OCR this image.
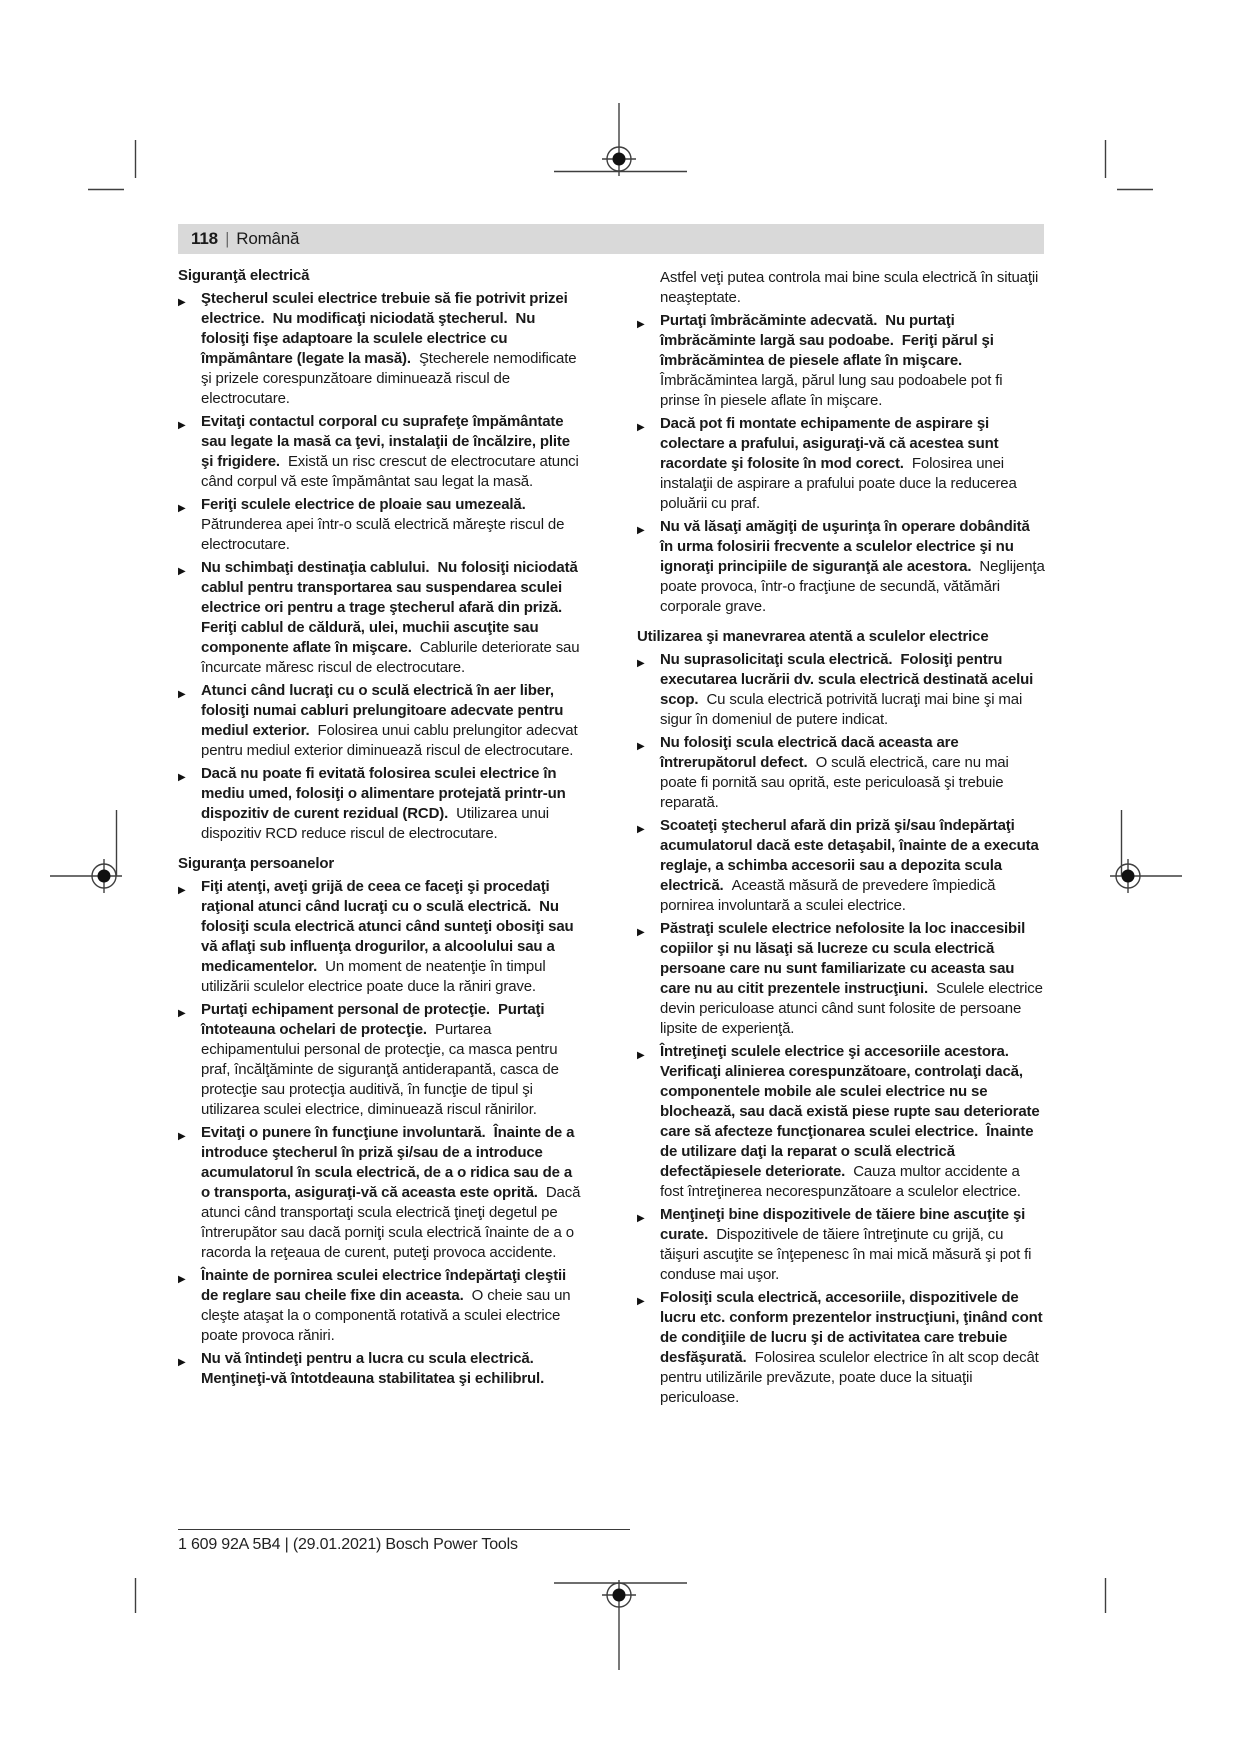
118 | Română
Siguranţă electrică
▶ Ştecherul sculei electrice trebuie să fie potrivit prizei electrice.  Nu modificaţi niciodată ştecherul.  Nu folosiţi fişe adaptoare la sculele electrice cu împământare (legate la masă).  Ştecherele nemodificate şi prizele corespunzătoare diminuează riscul de electrocutare.
▶ Evitaţi contactul corporal cu suprafeţe împământate sau legate la masă ca ţevi, instalaţii de încălzire, plite şi frigidere.  Există un risc crescut de electrocutare atunci când corpul vă este împământat sau legat la masă.
▶ Feriţi sculele electrice de ploaie sau umezeală.  Pătrunderea apei într-o sculă electrică măreşte riscul de electrocutare.
▶ Nu schimbaţi destinaţia cablului.  Nu folosiţi niciodată cablul pentru transportarea sau suspendarea sculei electrice ori pentru a trage ştecherul afară din priză.  Feriţi cablul de căldură, ulei, muchii ascuţite sau componente aflate în mişcare.  Cablurile deteriorate sau încurcate măresc riscul de electrocutare.
▶ Atunci când lucraţi cu o sculă electrică în aer liber, folosiţi numai cabluri prelungitoare adecvate pentru mediul exterior.  Folosirea unui cablu prelungitor adecvat pentru mediul exterior diminuează riscul de electrocutare.
▶ Dacă nu poate fi evitată folosirea sculei electrice în mediu umed, folosiţi o alimentare protejată printr-un dispozitiv de curent rezidual (RCD).  Utilizarea unui dispozitiv RCD reduce riscul de electrocutare.
Siguranţa persoanelor
▶ Fiţi atenţi, aveţi grijă de ceea ce faceţi şi procedaţi raţional atunci când lucraţi cu o sculă electrică.  Nu folosiţi scula electrică atunci când sunteţi obosiţi sau vă aflaţi sub influenţa drogurilor, a alcoolului sau a medicamentelor.  Un moment de neatenţie în timpul utilizării sculelor electrice poate duce la răniri grave.
▶ Purtaţi echipament personal de protecţie.  Purtaţi întoteauna ochelari de protecţie.  Purtarea echipamentului personal de protecţie, ca masca pentru praf, încălţăminte de siguranţă antiderapantă, casca de protecţie sau protecţia auditivă, în funcţie de tipul şi utilizarea sculei electrice, diminuează riscul rănirilor.
▶ Evitaţi o punere în funcţiune involuntară.  Înainte de a introduce ştecherul în priză şi/sau de a introduce acumulatorul în scula electrică, de a o ridica sau de a o transporta, asiguraţi-vă că aceasta este oprită.  Dacă atunci când transportaţi scula electrică ţineţi degetul pe întrerupător sau dacă porniţi scula electrică înainte de a o racorda la reţeaua de curent, puteţi provoca accidente.
▶ Înainte de pornirea sculei electrice îndepărtaţi cleştii de reglare sau cheile fixe din aceasta.  O cheie sau un cleşte ataşat la o componentă rotativă a sculei electrice poate provoca răniri.
▶ Nu vă întindeţi pentru a lucra cu scula electrică. Menţineţi-vă întotdeauna stabilitatea şi echilibrul.
Astfel veţi putea controla mai bine scula electrică în situaţii neaşteptate.
▶ Purtaţi îmbrăcăminte adecvată.  Nu purtaţi îmbrăcăminte largă sau podoabe.  Feriţi părul şi îmbrăcămintea de piesele aflate în mişcare.  Îmbrăcămintea largă, părul lung sau podoabele pot fi prinse în piesele aflate în mişcare.
▶ Dacă pot fi montate echipamente de aspirare şi colectare a prafului, asiguraţi-vă că acestea sunt racordate şi folosite în mod corect.  Folosirea unei instalaţii de aspirare a prafului poate duce la reducerea poluării cu praf.
▶ Nu vă lăsaţi amăgiţi de uşurinţa în operare dobândită în urma folosirii frecvente a sculelor electrice şi nu ignoraţi principiile de siguranţă ale acestora.  Neglijenţa poate provoca, într-o fracţiune de secundă, vătămări corporale grave.
Utilizarea şi manevrarea atentă a sculelor electrice
▶ Nu suprasolicitaţi scula electrică.  Folosiţi pentru executarea lucrării dv. scula electrică destinată acelui scop.  Cu scula electrică potrivită lucraţi mai bine şi mai sigur în domeniul de putere indicat.
▶ Nu folosiţi scula electrică dacă aceasta are întrerupătorul defect.  O sculă electrică, care nu mai poate fi pornită sau oprită, este periculoasă şi trebuie reparată.
▶ Scoateţi ştecherul afară din priză şi/sau îndepărtaţi acumulatorul dacă este detaşabil, înainte de a executa reglaje, a schimba accesorii sau a depozita scula electrică.  Această măsură de prevedere împiedică pornirea involuntară a sculei electrice.
▶ Păstraţi sculele electrice nefolosite la loc inaccesibil copiilor şi nu lăsaţi să lucreze cu scula electrică persoane care nu sunt familiarizate cu aceasta sau care nu au citit prezentele instrucţiuni.  Sculele electrice devin periculoase atunci când sunt folosite de persoane lipsite de experienţă.
▶ Întreţineţi sculele electrice şi accesoriile acestora. Verificaţi alinierea corespunzătoare, controlaţi dacă, componentele mobile ale sculei electrice nu se blochează, sau dacă există piese rupte sau deteriorate care să afecteze funcţionarea sculei electrice.  Înainte de utilizare daţi la reparat o sculă electrică defectăpiesele deteriorate.  Cauza multor accidente a fost întreţinerea necorespunzătoare a sculelor electrice.
▶ Menţineţi bine dispozitivele de tăiere bine ascuţite şi curate.  Dispozitivele de tăiere întreţinute cu grijă, cu tăişuri ascuţite se înţepenesc în mai mică măsură şi pot fi conduse mai uşor.
▶ Folosiţi scula electrică, accesoriile, dispozitivele de lucru etc. conform prezentelor instrucţiuni, ţinând cont de condiţiile de lucru şi de activitatea care trebuie desfăşurată.  Folosirea sculelor electrice în alt scop decât pentru utilizările prevăzute, poate duce la situaţii periculoase.
1 609 92A 5B4 | (29.01.2021) Bosch Power Tools
